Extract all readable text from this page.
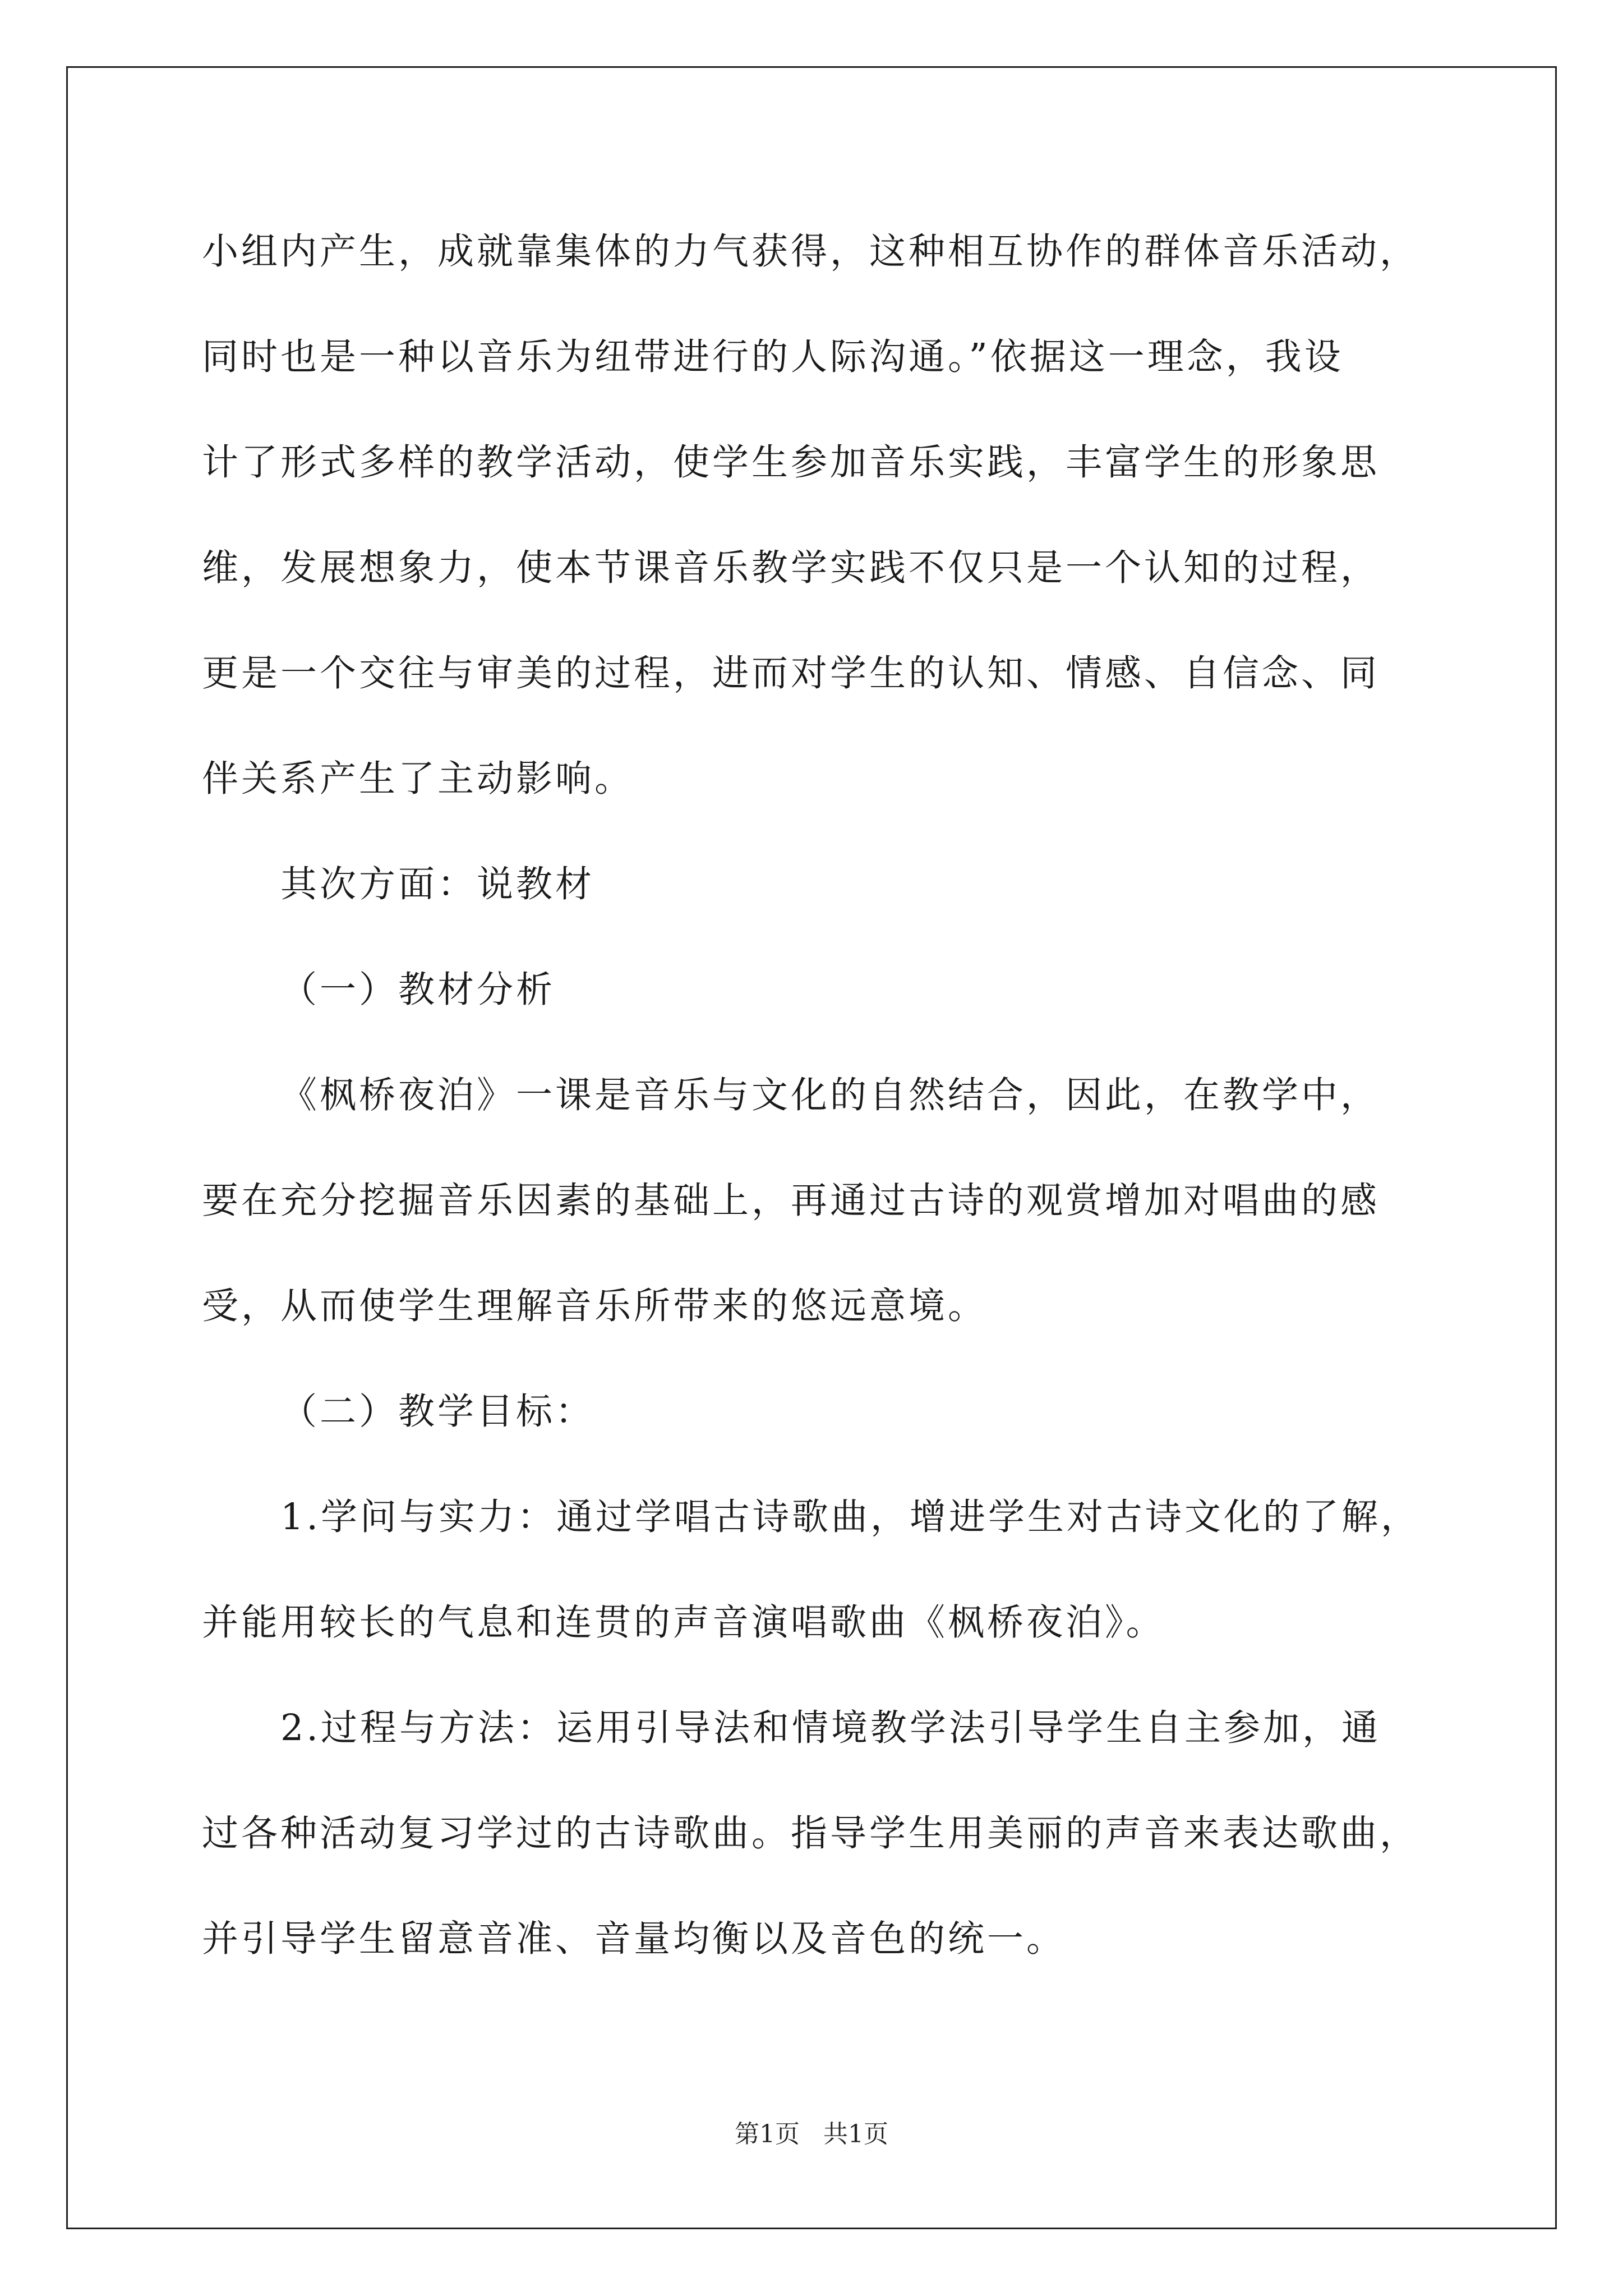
小组内产生，成就靠集体的力气获得，这种相互协作的群体音乐活动，
同时也是一种以音乐为纽带进行的人际沟通。”依据这一理念，我设
计了形式多样的教学活动，使学生参加音乐实践，丰富学生的形象思
维，发展想象力，使本节课音乐教学实践不仅只是一个认知的过程，
更是一个交往与审美的过程，进而对学生的认知、情感、自信念、同
伴关系产生了主动影响。
其次方面：说教材
（一）教材分析
《枫桥夜泊》一课是音乐与文化的自然结合，因此，在教学中，
要在充分挖掘音乐因素的基础上，再通过古诗的观赏增加对唱曲的感
受，从而使学生理解音乐所带来的悠远意境。
（二）教学目标：
1.学问与实力：通过学唱古诗歌曲，增进学生对古诗文化的了解，
并能用较长的气息和连贯的声音演唱歌曲《枫桥夜泊》。
2.过程与方法：运用引导法和情境教学法引导学生自主参加，通
过各种活动复习学过的古诗歌曲。指导学生用美丽的声音来表达歌曲，
并引导学生留意音准、音量均衡以及音色的统一。
第1页   共1页
